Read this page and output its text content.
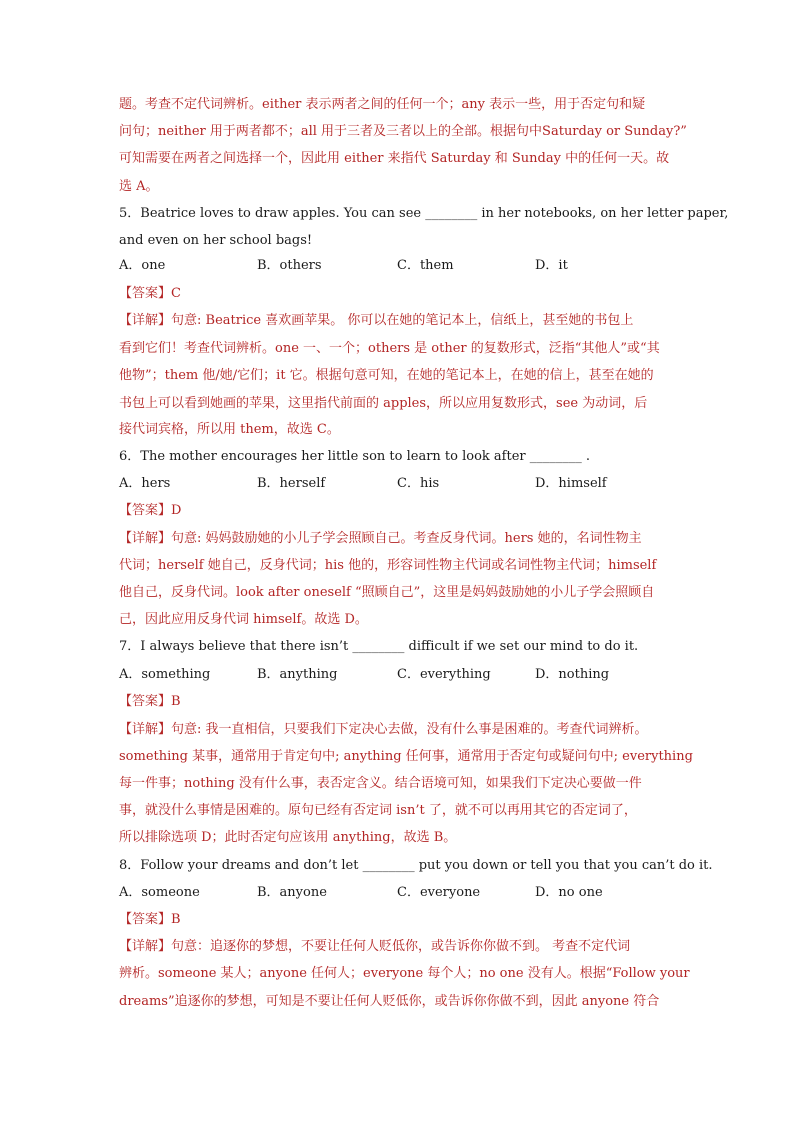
题。考查不定代词辨析。either 表示两者之间的任何一个；any 表示一些，用于否定句和疑
问句；neither 用于两者都不；all 用于三者及三者以上的全部。根据句中Saturday or Sunday?”
可知需要在两者之间选择一个，因此用 either 来指代 Saturday 和 Sunday 中的任何一天。故
选 A。
5．Beatrice loves to draw apples. You can see ________ in her notebooks, on her letter paper,
and even on her school bags!
A．one	B．others	C．them	D．it
【答案】C
【详解】句意: Beatrice 喜欢画苹果。 你可以在她的笔记本上，信纸上，甚至她的书包上
看到它们！考查代词辨析。one 一、一个；others 是 other 的复数形式，泛指“其他人”或“其
他物”；them 他/她/它们；it 它。根据句意可知，在她的笔记本上，在她的信上，甚至在她的
书包上可以看到她画的苹果，这里指代前面的 apples，所以应用复数形式，see 为动词，后
接代词宾格，所以用 them，故选 C。
6．The mother encourages her little son to learn to look after ________ .
A．hers	B．herself	C．his	D．himself
【答案】D
【详解】句意: 妈妈鼓励她的小儿子学会照顾自己。考查反身代词。hers 她的，名词性物主
代词；herself 她自己，反身代词；his 他的，形容词性物主代词或名词性物主代词；himself
他自己，反身代词。look after oneself “照顾自己”，这里是妈妈鼓励她的小儿子学会照顾自
己，因此应用反身代词 himself。故选 D。
7．I always believe that there isn’t ________ difficult if we set our mind to do it.
A．something	B．anything	C．everything	D．nothing
【答案】B
【详解】句意: 我一直相信，只要我们下定决心去做，没有什么事是困难的。考查代词辨析。
something 某事，通常用于肯定句中; anything 任何事，通常用于否定句或疑问句中; everything
每一件事；nothing 没有什么事，表否定含义。结合语境可知，如果我们下定决心要做一件
事，就没什么事情是困难的。原句已经有否定词 isn’t 了，就不可以再用其它的否定词了，
所以排除选项 D；此时否定句应该用 anything，故选 B。
8．Follow your dreams and don’t let ________ put you down or tell you that you can’t do it.
A．someone	B．anyone	C．everyone	D．no one
【答案】B
【详解】句意：追逐你的梦想，不要让任何人贬低你，或告诉你你做不到。 考查不定代词
辨析。someone 某人；anyone 任何人；everyone 每个人；no one 没有人。根据“Follow your
dreams”追逐你的梦想，可知是不要让任何人贬低你，或告诉你你做不到，因此 anyone 符合
